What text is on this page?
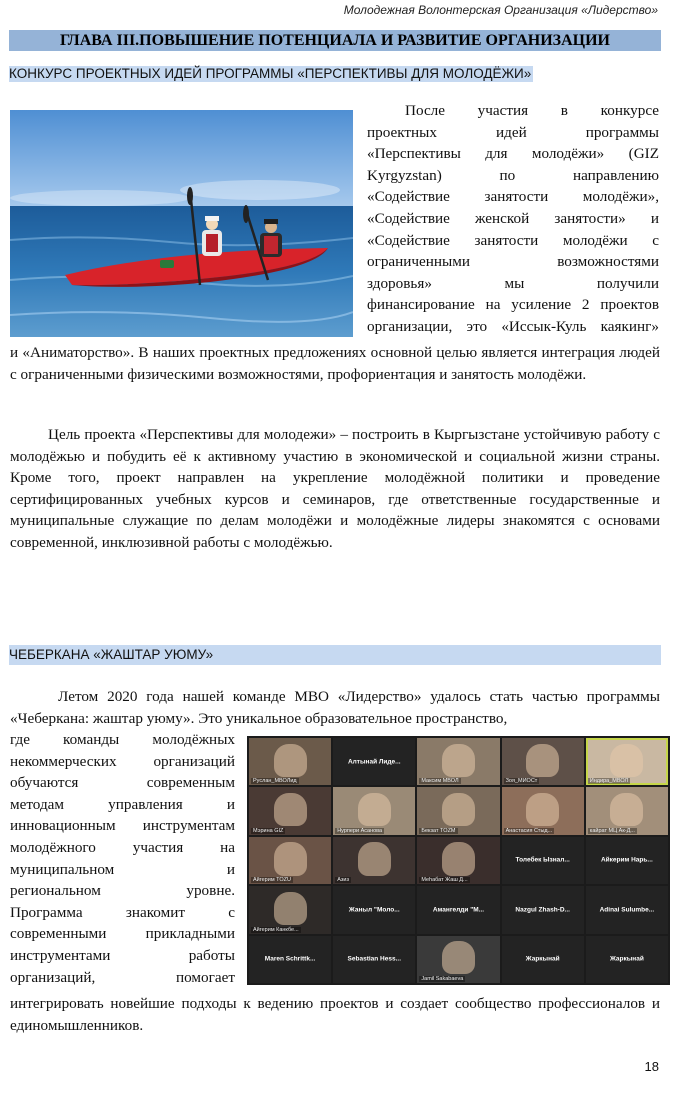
Молодежная Волонтерская Организация «Лидерство»
ГЛАВА III.ПОВЫШЕНИЕ ПОТЕНЦИАЛА И РАЗВИТИЕ ОРГАНИЗАЦИИ
КОНКУРС ПРОЕКТНЫХ ИДЕЙ ПРОГРАММЫ «ПЕРСПЕКТИВЫ ДЛЯ МОЛОДЁЖИ»
После участия в конкурсе
проектных идей программы
«Перспективы для молодёжи» (GIZ
Kyrgyzstan) по направлению
«Содействие занятости молодёжи»,
«Содействие женской занятости» и
«Содействие занятости молодёжи с
ограниченными возможностями
здоровья» мы получили
финансирование на усиление 2 проектов
организации, это «Иссык-Куль каякинг»
и «Аниматорство». В наших проектных предложениях основной целью является интеграция людей с ограниченными физическими возможностями, профориентация и занятость молодёжи.
Цель проекта «Перспективы для молодежи» – построить в Кыргызстане устойчивую работу с молодёжью и побудить её к активному участию в экономической и социальной жизни страны. Кроме того, проект направлен на укрепление молодёжной политики и проведение сертифицированных учебных курсов и семинаров, где ответственные государственные и муниципальные служащие по делам молодёжи и молодёжные лидеры знакомятся с основами современной, инклюзивной работы с молодёжью.
ЧЕБЕРКАНА «ЖАШТАР УЮМУ»
Летом 2020 года нашей команде МВО «Лидерство» удалось стать частью программы «Чеберкана: жаштар уюму». Это уникальное образовательное пространство,
где команды молодёжных
некоммерческих организаций
обучаются современным
методам управления и
инновационным инструментам
молодёжного участия на
муниципальном и
региональном уровне.
Программа знакомит с
современными прикладными
инструментами работы
организаций, помогает
Руслан_МВОЛид
Алтынай Лиде...
Максим МВОЛ	Зоя_МИОСт	Индира_МВОЛ
Мэрина GIZ	Нурпери Асанова	Бекзат TOZM	Анастасия Стыд...	кайрат МЦ Ак-Д...
Айгерим TOZU	Азиз	Mehaбат Жаш Д...
Толебек Ызнал...	Айкерим Нарь...
Айгерим Канкбе...
Жаныл "Моло...	Амангелди "М...	Nazgul Zhash-D...	Adinai Sulumbe...
Maren Schrittk...	Sebastian Hess...
Jamil Sakabaeva
Жаркынай	Жаркынай
интегрировать новейшие подходы к ведению проектов и создает сообщество профессионалов и единомышленников.
18
